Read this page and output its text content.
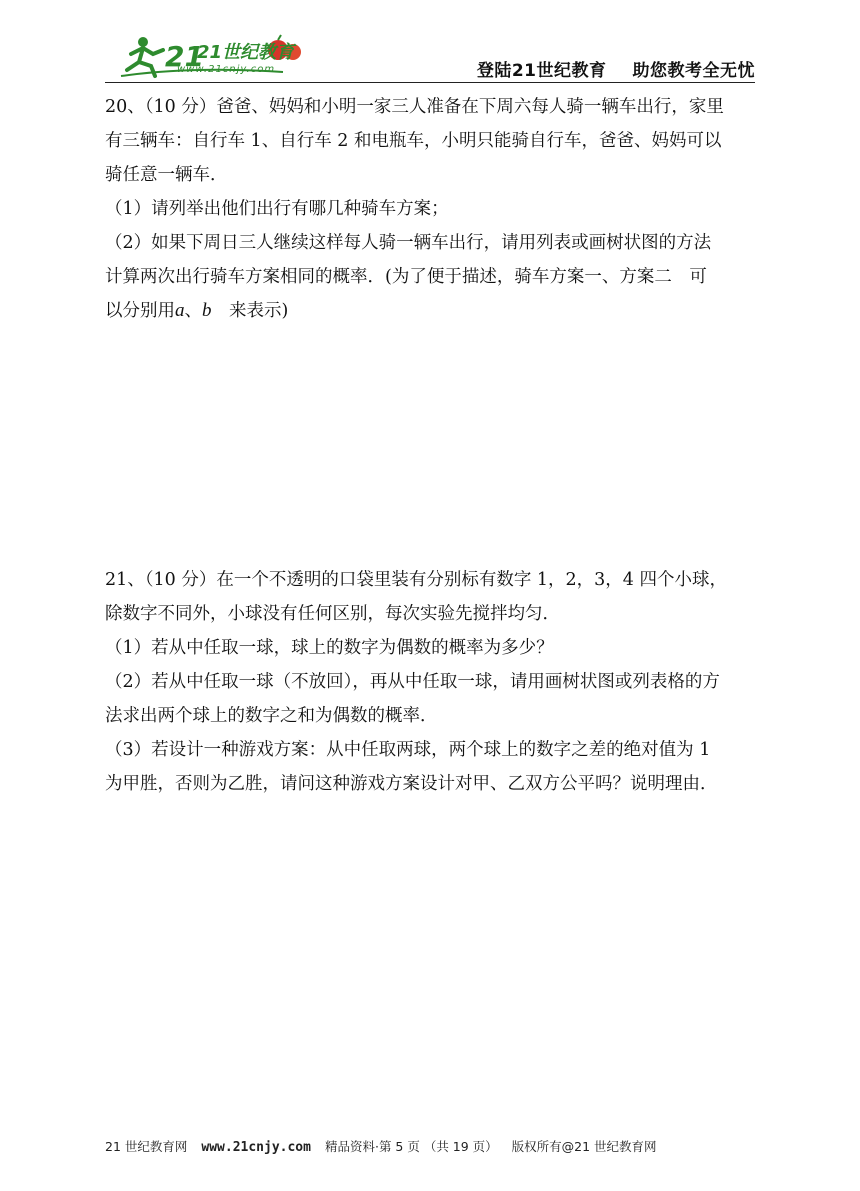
21
21世纪教育
www.21cnjy.com	登陆21世纪教育 助您教考全无忧
20、（10 分）爸爸、妈妈和小明一家三人准备在下周六每人骑一辆车出行，家里
有三辆车：自行车 1、自行车 2 和电瓶车，小明只能骑自行车，爸爸、妈妈可以
骑任意一辆车．
（1）请列举出他们出行有哪几种骑车方案；
（2）如果下周日三人继续这样每人骑一辆车出行，请用列表或画树状图的方法
计算两次出行骑车方案相同的概率．(为了便于描述，骑车方案一、方案二　可
以分别用a、b　来表示)
21、（10 分）在一个不透明的口袋里装有分别标有数字 1，2，3，4 四个小球，
除数字不同外，小球没有任何区别，每次实验先搅拌均匀．
（1）若从中任取一球，球上的数字为偶数的概率为多少？
（2）若从中任取一球（不放回），再从中任取一球，请用画树状图或列表格的方
法求出两个球上的数字之和为偶数的概率．
（3）若设计一种游戏方案：从中任取两球，两个球上的数字之差的绝对值为 1
为甲胜，否则为乙胜，请问这种游戏方案设计对甲、乙双方公平吗？说明理由．
21 世纪教育网 www.21cnjy.com 精品资料·第 5 页 （共 19 页） 版权所有@21 世纪教育网
